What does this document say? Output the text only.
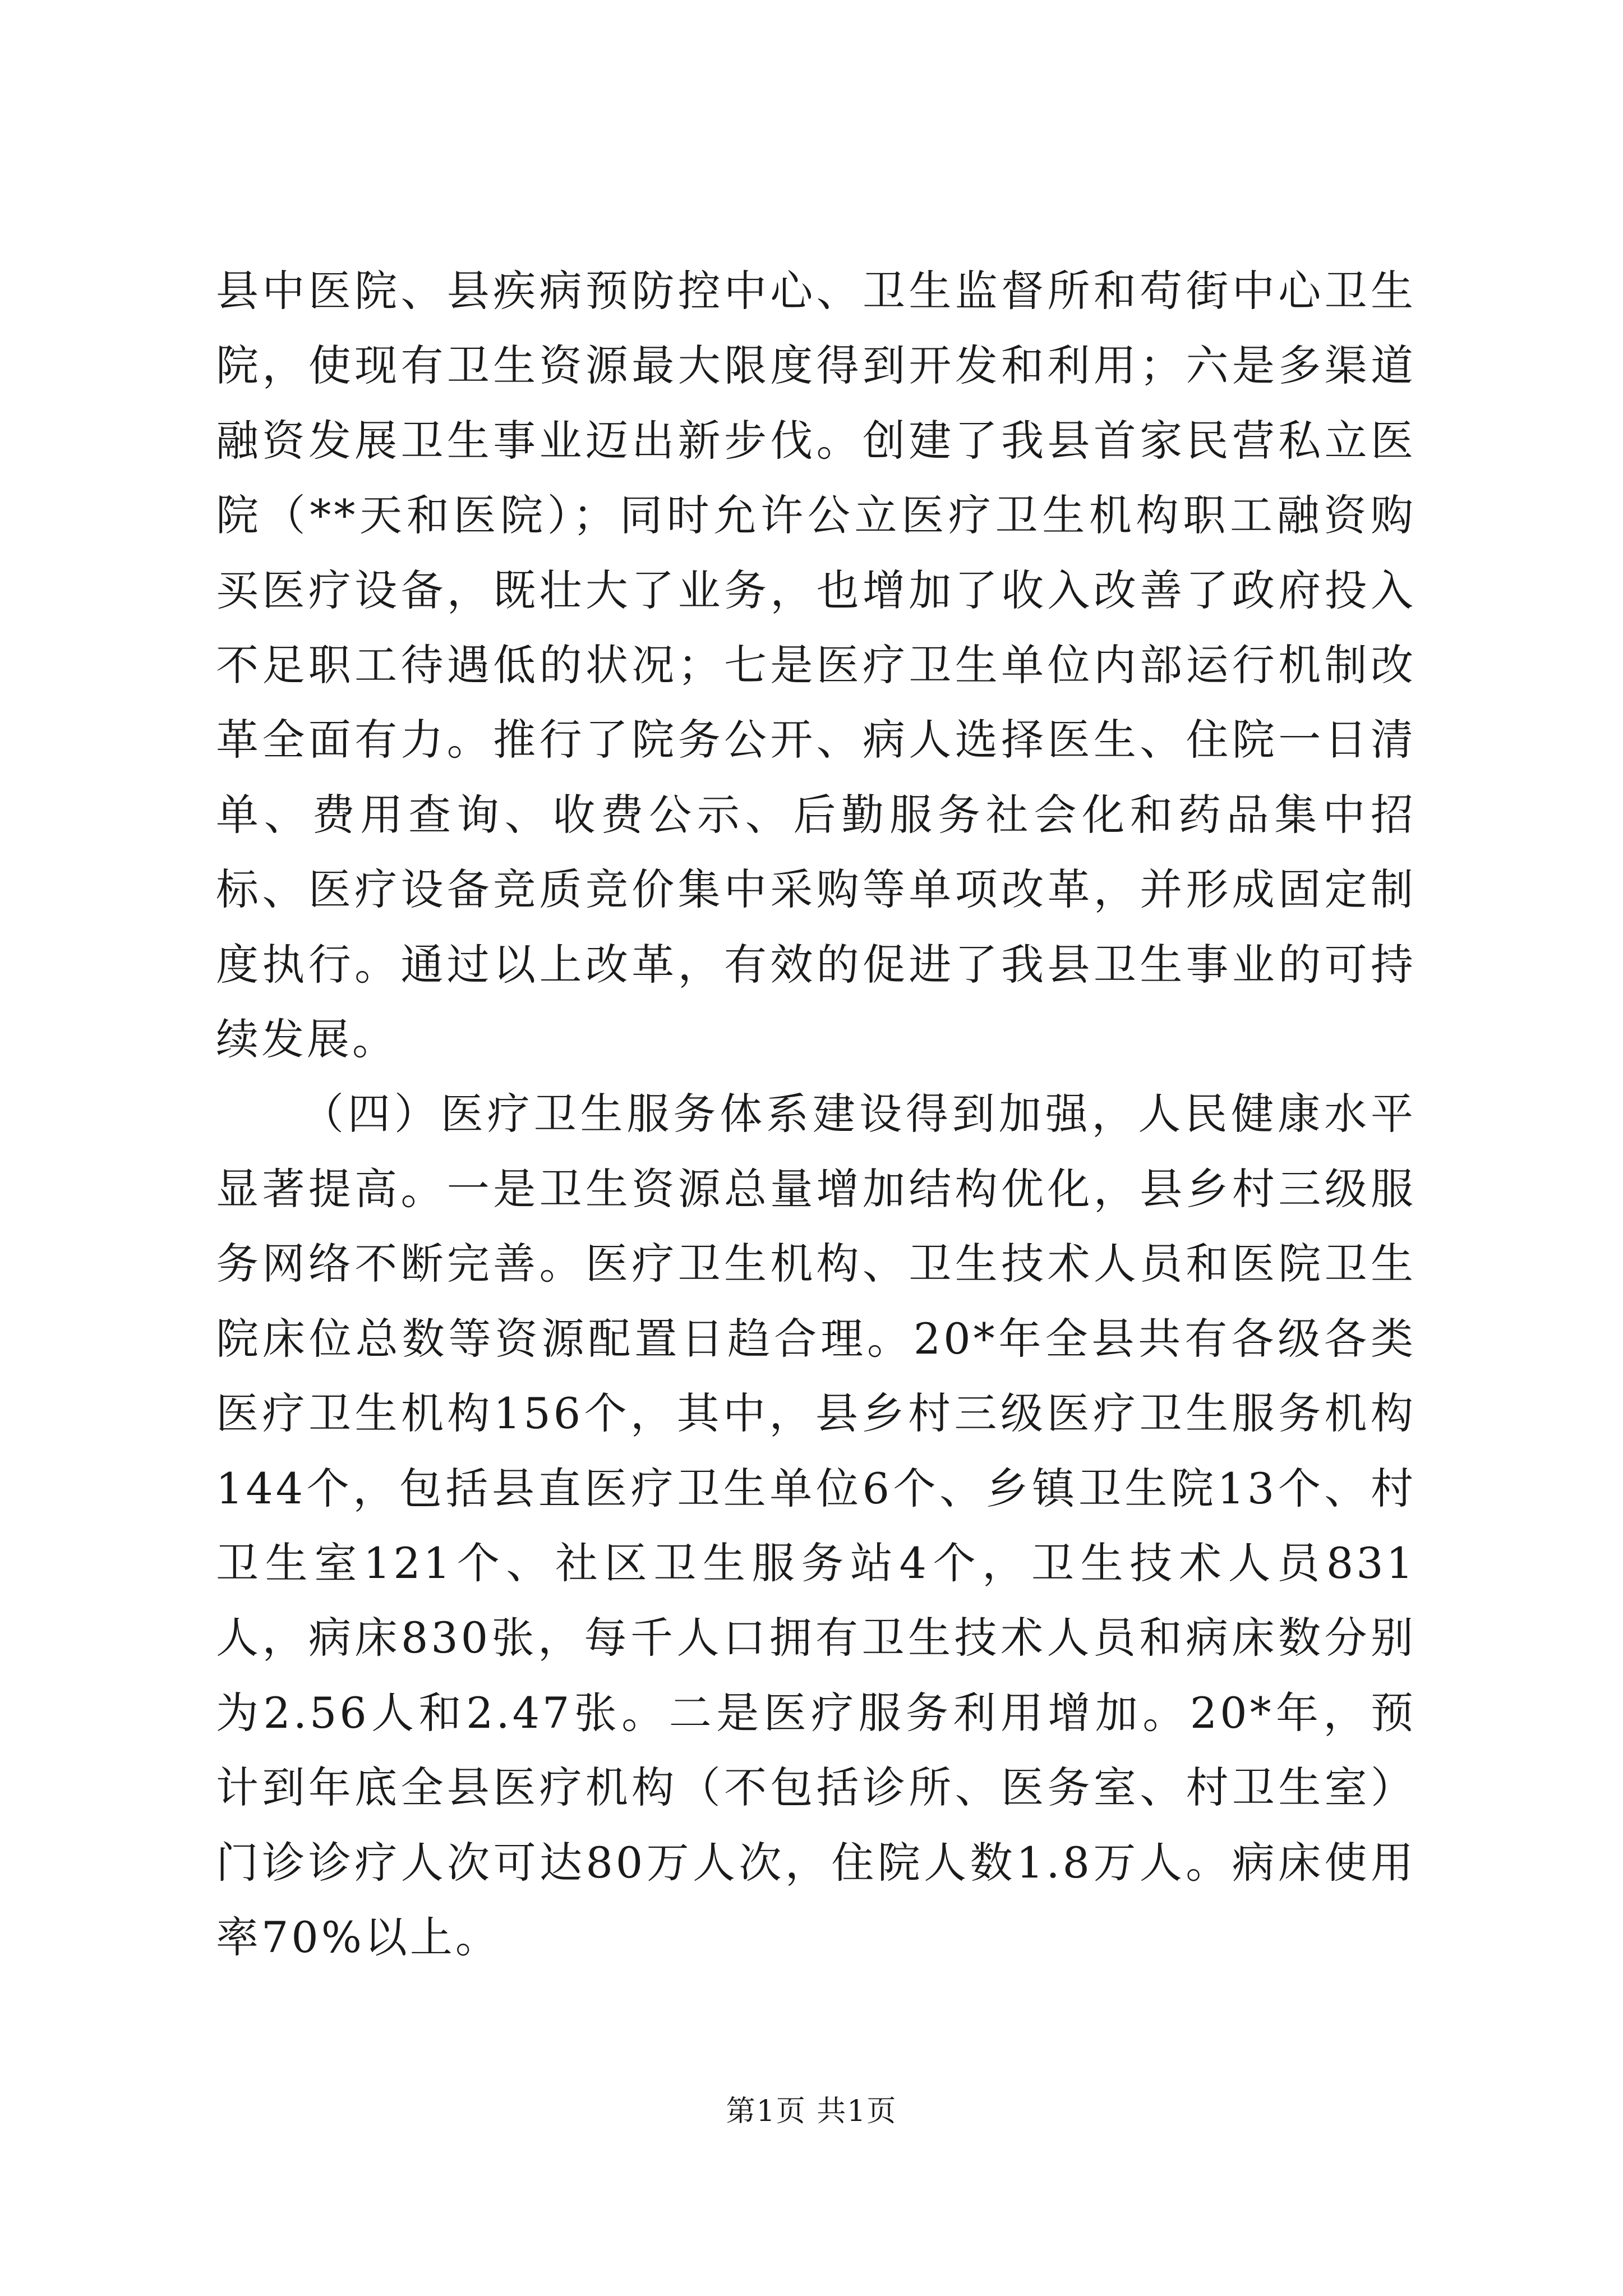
县中医院、县疾病预防控中心、卫生监督所和苟街中心卫生院，使现有卫生资源最大限度得到开发和利用；六是多渠道融资发展卫生事业迈出新步伐。创建了我县首家民营私立医院（**天和医院）；同时允许公立医疗卫生机构职工融资购买医疗设备，既壮大了业务，也增加了收入改善了政府投入不足职工待遇低的状况；七是医疗卫生单位内部运行机制改革全面有力。推行了院务公开、病人选择医生、住院一日清单、费用查询、收费公示、后勤服务社会化和药品集中招标、医疗设备竞质竞价集中采购等单项改革，并形成固定制度执行。通过以上改革，有效的促进了我县卫生事业的可持续发展。

（四）医疗卫生服务体系建设得到加强，人民健康水平显著提高。一是卫生资源总量增加结构优化，县乡村三级服务网络不断完善。医疗卫生机构、卫生技术人员和医院卫生院床位总数等资源配置日趋合理。20*年全县共有各级各类医疗卫生机构156个，其中，县乡村三级医疗卫生服务机构144个，包括县直医疗卫生单位6个、乡镇卫生院13个、村卫生室121个、社区卫生服务站4个，卫生技术人员831人，病床830张，每千人口拥有卫生技术人员和病床数分别为2.56人和2.47张。二是医疗服务利用增加。20*年，预计到年底全县医疗机构（不包括诊所、医务室、村卫生室）门诊诊疗人次可达80万人次，住院人数1.8万人。病床使用率70%以上。

第1页 共1页
